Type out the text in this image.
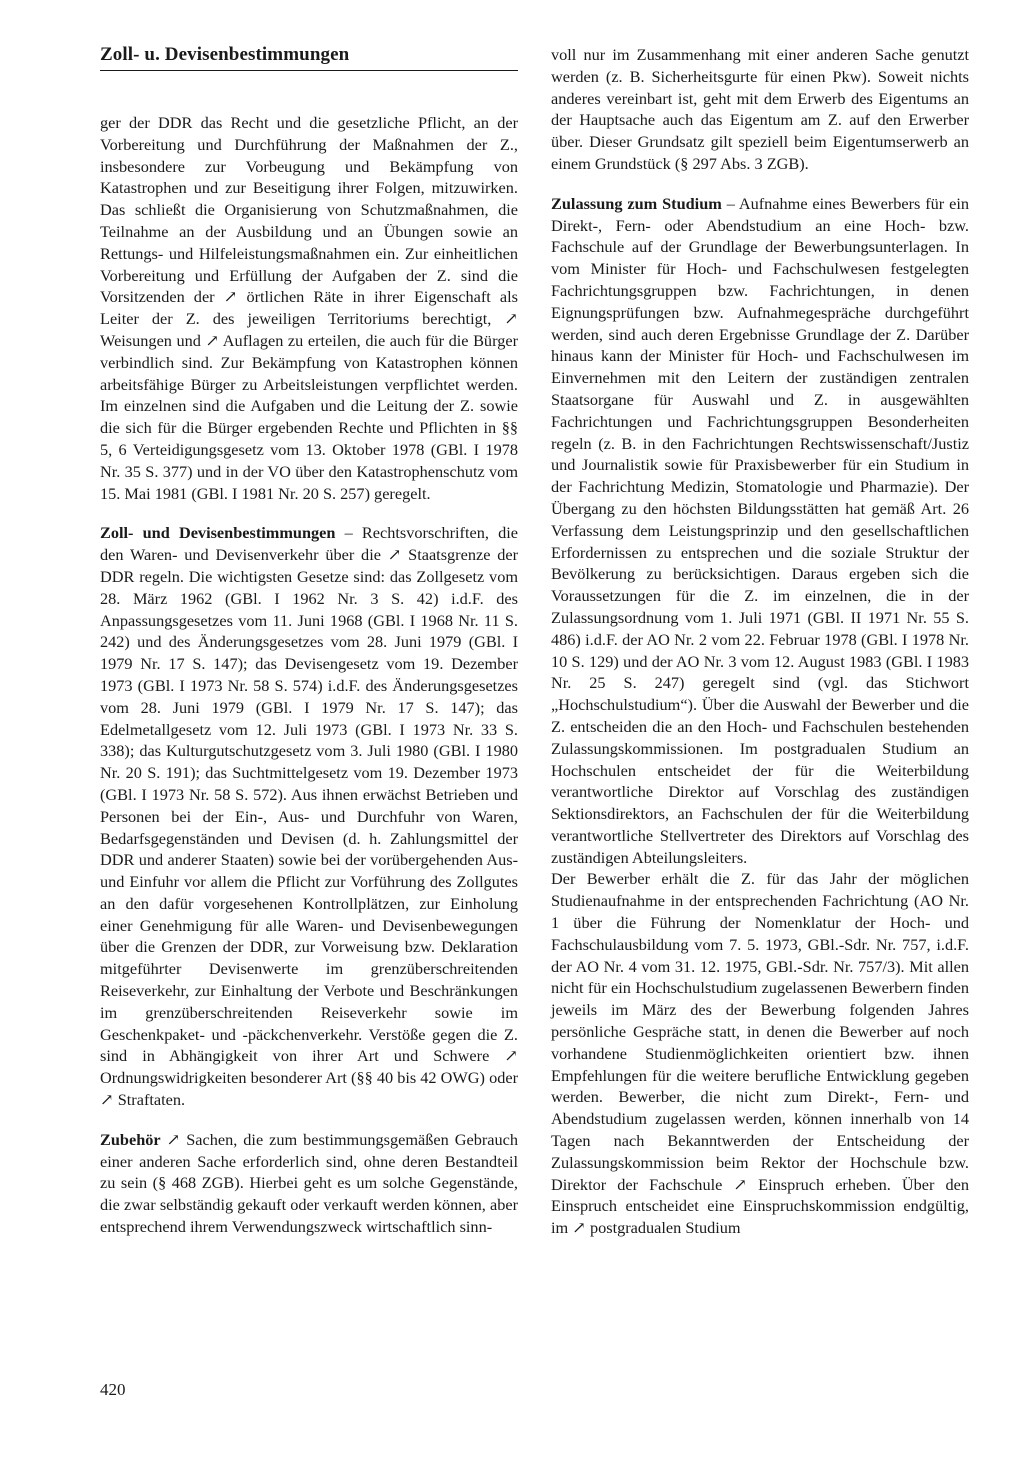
Zoll- u. Devisenbestimmungen

ger der DDR das Recht und die gesetzliche Pflicht, an der Vorbereitung und Durchführung der Maßnahmen der Z., insbesondere zur Vorbeugung und Bekämpfung von Katastrophen und zur Beseitigung ihrer Folgen, mitzuwirken. Das schließt die Organisierung von Schutzmaßnahmen, die Teilnahme an der Ausbildung und an Übungen sowie an Rettungs- und Hilfeleistungsmaßnahmen ein. Zur einheitlichen Vorbereitung und Erfüllung der Aufgaben der Z. sind die Vorsitzenden der ↗ örtlichen Räte in ihrer Eigenschaft als Leiter der Z. des jeweiligen Territoriums berechtigt, ↗ Weisungen und ↗ Auflagen zu erteilen, die auch für die Bürger verbindlich sind. Zur Bekämpfung von Katastrophen können arbeitsfähige Bürger zu Arbeitsleistungen verpflichtet werden. Im einzelnen sind die Aufgaben und die Leitung der Z. sowie die sich für die Bürger ergebenden Rechte und Pflichten in §§ 5, 6 Verteidigungsgesetz vom 13. Oktober 1978 (GBl. I 1978 Nr. 35 S. 377) und in der VO über den Katastrophenschutz vom 15. Mai 1981 (GBl. I 1981 Nr. 20 S. 257) geregelt.

Zoll- und Devisenbestimmungen – Rechtsvorschriften, die den Waren- und Devisenverkehr über die ↗ Staatsgrenze der DDR regeln. Die wichtigsten Gesetze sind: das Zollgesetz vom 28. März 1962 (GBl. I 1962 Nr. 3 S. 42) i.d.F. des Anpassungsgesetzes vom 11. Juni 1968 (GBl. I 1968 Nr. 11 S. 242) und des Änderungsgesetzes vom 28. Juni 1979 (GBl. I 1979 Nr. 17 S. 147); das Devisengesetz vom 19. Dezember 1973 (GBl. I 1973 Nr. 58 S. 574) i.d.F. des Änderungsgesetzes vom 28. Juni 1979 (GBl. I 1979 Nr. 17 S. 147); das Edelmetallgesetz vom 12. Juli 1973 (GBl. I 1973 Nr. 33 S. 338); das Kulturgutschutzgesetz vom 3. Juli 1980 (GBl. I 1980 Nr. 20 S. 191); das Suchtmittelgesetz vom 19. Dezember 1973 (GBl. I 1973 Nr. 58 S. 572). Aus ihnen erwächst Betrieben und Personen bei der Ein-, Aus- und Durchfuhr von Waren, Bedarfsgegenständen und Devisen (d. h. Zahlungsmittel der DDR und anderer Staaten) sowie bei der vorübergehenden Aus- und Einfuhr vor allem die Pflicht zur Vorführung des Zollgutes an den dafür vorgesehenen Kontrollplätzen, zur Einholung einer Genehmigung für alle Waren- und Devisenbewegungen über die Grenzen der DDR, zur Vorweisung bzw. Deklaration mitgeführter Devisenwerte im grenzüberschreitenden Reiseverkehr, zur Einhaltung der Verbote und Beschränkungen im grenzüberschreitenden Reiseverkehr sowie im Geschenkpaket- und -päckchenverkehr. Verstöße gegen die Z. sind in Abhängigkeit von ihrer Art und Schwere ↗ Ordnungswidrigkeiten besonderer Art (§§ 40 bis 42 OWG) oder ↗ Straftaten.

Zubehör ↗ Sachen, die zum bestimmungsgemäßen Gebrauch einer anderen Sache erforderlich sind, ohne deren Bestandteil zu sein (§ 468 ZGB). Hierbei geht es um solche Gegenstände, die zwar selbständig gekauft oder verkauft werden können, aber entsprechend ihrem Verwendungszweck wirtschaftlich sinn-

voll nur im Zusammenhang mit einer anderen Sache genutzt werden (z. B. Sicherheitsgurte für einen Pkw). Soweit nichts anderes vereinbart ist, geht mit dem Erwerb des Eigentums an der Hauptsache auch das Eigentum am Z. auf den Erwerber über. Dieser Grundsatz gilt speziell beim Eigentumserwerb an einem Grundstück (§ 297 Abs. 3 ZGB).

Zulassung zum Studium – Aufnahme eines Bewerbers für ein Direkt-, Fern- oder Abendstudium an eine Hoch- bzw. Fachschule auf der Grundlage der Bewerbungsunterlagen. In vom Minister für Hoch- und Fachschulwesen festgelegten Fachrichtungsgruppen bzw. Fachrichtungen, in denen Eignungsprüfungen bzw. Aufnahmegespräche durchgeführt werden, sind auch deren Ergebnisse Grundlage der Z. Darüber hinaus kann der Minister für Hoch- und Fachschulwesen im Einvernehmen mit den Leitern der zuständigen zentralen Staatsorgane für Auswahl und Z. in ausgewählten Fachrichtungen und Fachrichtungsgruppen Besonderheiten regeln (z. B. in den Fachrichtungen Rechtswissenschaft/Justiz und Journalistik sowie für Praxisbewerber für ein Studium in der Fachrichtung Medizin, Stomatologie und Pharmazie). Der Übergang zu den höchsten Bildungsstätten hat gemäß Art. 26 Verfassung dem Leistungsprinzip und den gesellschaftlichen Erfordernissen zu entsprechen und die soziale Struktur der Bevölkerung zu berücksichtigen. Daraus ergeben sich die Voraussetzungen für die Z. im einzelnen, die in der Zulassungsordnung vom 1. Juli 1971 (GBl. II 1971 Nr. 55 S. 486) i.d.F. der AO Nr. 2 vom 22. Februar 1978 (GBl. I 1978 Nr. 10 S. 129) und der AO Nr. 3 vom 12. August 1983 (GBl. I 1983 Nr. 25 S. 247) geregelt sind (vgl. das Stichwort „Hochschulstudium“). Über die Auswahl der Bewerber und die Z. entscheiden die an den Hoch- und Fachschulen bestehenden Zulassungskommissionen. Im postgradualen Studium an Hochschulen entscheidet der für die Weiterbildung verantwortliche Direktor auf Vorschlag des zuständigen Sektionsdirektors, an Fachschulen der für die Weiterbildung verantwortliche Stellvertreter des Direktors auf Vorschlag des zuständigen Abteilungsleiters.

Der Bewerber erhält die Z. für das Jahr der möglichen Studienaufnahme in der entsprechenden Fachrichtung (AO Nr. 1 über die Führung der Nomenklatur der Hoch- und Fachschulausbildung vom 7. 5. 1973, GBl.-Sdr. Nr. 757, i.d.F. der AO Nr. 4 vom 31. 12. 1975, GBl.-Sdr. Nr. 757/3). Mit allen nicht für ein Hochschulstudium zugelassenen Bewerbern finden jeweils im März des der Bewerbung folgenden Jahres persönliche Gespräche statt, in denen die Bewerber auf noch vorhandene Studienmöglichkeiten orientiert bzw. ihnen Empfehlungen für die weitere berufliche Entwicklung gegeben werden. Bewerber, die nicht zum Direkt-, Fern- und Abendstudium zugelassen werden, können innerhalb von 14 Tagen nach Bekanntwerden der Entscheidung der Zulassungskommission beim Rektor der Hochschule bzw. Direktor der Fachschule ↗ Einspruch erheben. Über den Einspruch entscheidet eine Einspruchskommission endgültig, im ↗ postgradualen Studium

420
